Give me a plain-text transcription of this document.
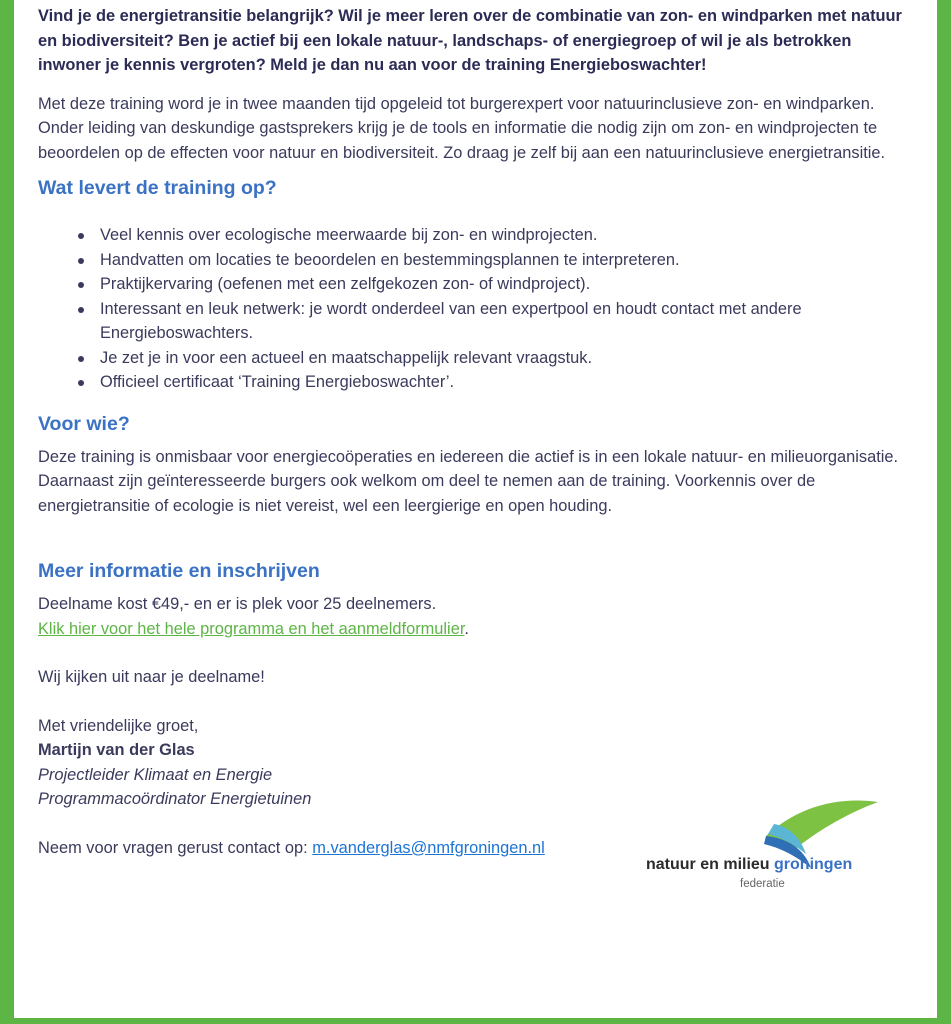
Vind je de energietransitie belangrijk? Wil je meer leren over de combinatie van zon- en windparken met natuur en biodiversiteit? Ben je actief bij een lokale natuur-, landschaps- of energiegroep of wil je als betrokken inwoner je kennis vergroten? Meld je dan nu aan voor de training Energieboswachter!

Met deze training word je in twee maanden tijd opgeleid tot burgerexpert voor natuurinclusieve zon- en windparken. Onder leiding van deskundige gastsprekers krijg je de tools en informatie die nodig zijn om zon- en windprojecten te beoordelen op de effecten voor natuur en biodiversiteit. Zo draag je zelf bij aan een natuurinclusieve energietransitie.

Wat levert de training op?
Veel kennis over ecologische meerwaarde bij zon- en windprojecten.
Handvatten om locaties te beoordelen en bestemmingsplannen te interpreteren.
Praktijkervaring (oefenen met een zelfgekozen zon- of windproject).
Interessant en leuk netwerk: je wordt onderdeel van een expertpool en houdt contact met andere Energieboswachters.
Je zet je in voor een actueel en maatschappelijk relevant vraagstuk.
Officieel certificaat ‘Training Energieboswachter’.
Voor wie?

Deze training is onmisbaar voor energiecoöperaties en iedereen die actief is in een lokale natuur- en milieuorganisatie. Daarnaast zijn geïnteresseerde burgers ook welkom om deel te nemen aan de training. Voorkennis over de energietransitie of ecologie is niet vereist, wel een leergierige en open houding.

Meer informatie en inschrijven

Deelname kost €49,- en er is plek voor 25 deelnemers.

Klik hier voor het hele programma en het aanmeldformulier.

Wij kijken uit naar je deelname!

Met vriendelijke groet,

Martijn van der Glas

Projectleider Klimaat en Energie

Programmacoördinator Energietuinen

Neem voor vragen gerust contact op: m.vanderglas@nmfgroningen.nl

natuur en milieu groningen
federatie
